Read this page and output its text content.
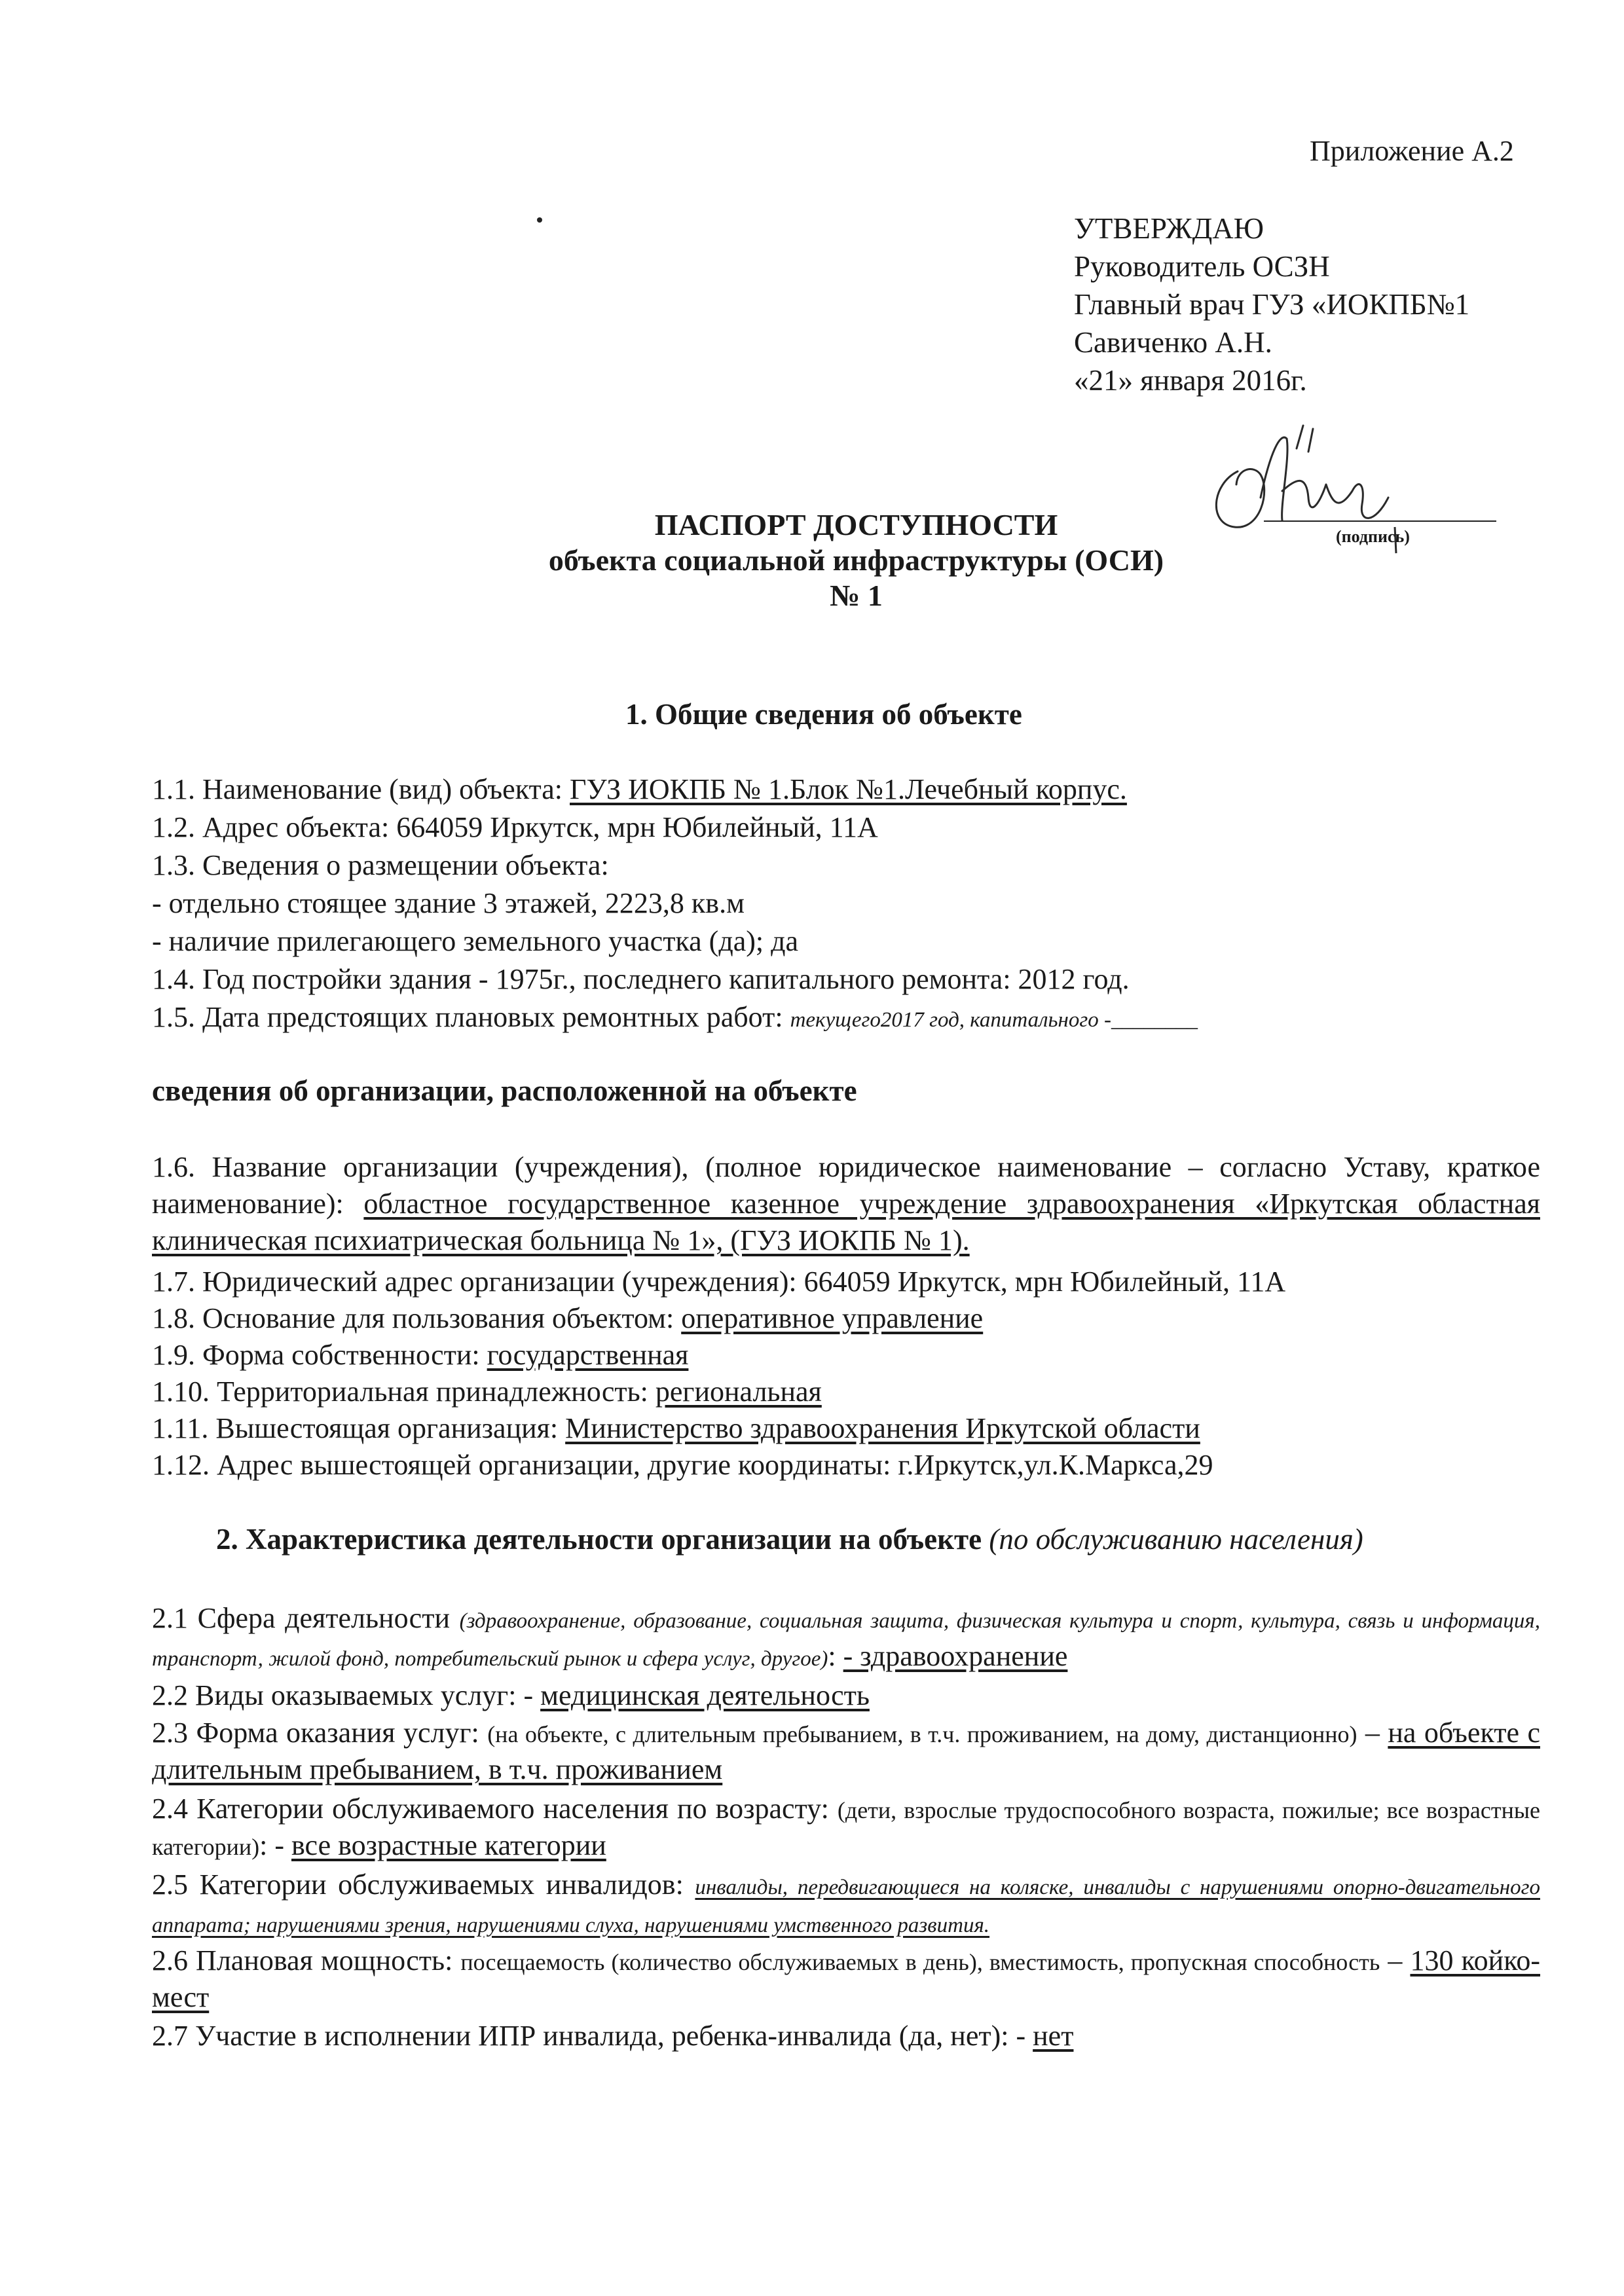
Приложение А.2
УТВЕРЖДАЮ
Руководитель ОСЗН
Главный врач ГУЗ «ИОКПБ№1
Савиченко А.Н.
«21» января 2016г.
(подпись)
ПАСПОРТ ДОСТУПНОСТИ
объекта социальной инфраструктуры (ОСИ)
№ 1
1. Общие сведения об объекте
1.1. Наименование (вид) объекта: ГУЗ ИОКПБ № 1.Блок №1.Лечебный корпус.
1.2. Адрес объекта: 664059 Иркутск, мрн Юбилейный, 11А
1.3. Сведения о размещении объекта:
- отдельно стоящее здание 3 этажей, 2223,8 кв.м
- наличие прилегающего земельного участка (да); да
1.4. Год постройки здания - 1975г., последнего капитального ремонта: 2012 год.
1.5. Дата предстоящих плановых ремонтных работ: текущего2017 год, капитального -________
сведения об организации, расположенной на объекте
1.6. Название организации (учреждения), (полное юридическое наименование – согласно Уставу, краткое наименование): областное государственное казенное учреждение здравоохранения «Иркутская областная клиническая психиатрическая больница № 1», (ГУЗ ИОКПБ № 1).
1.7. Юридический адрес организации (учреждения): 664059 Иркутск, мрн Юбилейный, 11А
1.8. Основание для пользования объектом: оперативное управление
1.9. Форма собственности: государственная
1.10. Территориальная принадлежность: региональная
1.11. Вышестоящая организация: Министерство здравоохранения Иркутской области
1.12. Адрес вышестоящей организации, другие координаты: г.Иркутск,ул.К.Маркса,29
2. Характеристика деятельности организации на объекте (по обслуживанию населения)
2.1 Сфера деятельности (здравоохранение, образование, социальная защита, физическая культура и спорт, культура, связь и информация, транспорт, жилой фонд, потребительский рынок и сфера услуг, другое): - здравоохранение
2.2 Виды оказываемых услуг: - медицинская деятельность
2.3 Форма оказания услуг: (на объекте, с длительным пребыванием, в т.ч. проживанием, на дому, дистанционно) – на объекте с длительным пребыванием, в т.ч. проживанием
2.4 Категории обслуживаемого населения по возрасту: (дети, взрослые трудоспособного возраста, пожилые; все возрастные категории): - все возрастные категории
2.5 Категории обслуживаемых инвалидов: инвалиды, передвигающиеся на коляске, инвалиды с нарушениями опорно-двигательного аппарата; нарушениями зрения, нарушениями слуха, нарушениями умственного развития.
2.6 Плановая мощность: посещаемость (количество обслуживаемых в день), вместимость, пропускная способность – 130 койко-мест
2.7 Участие в исполнении ИПР инвалида, ребенка-инвалида (да, нет): - нет
